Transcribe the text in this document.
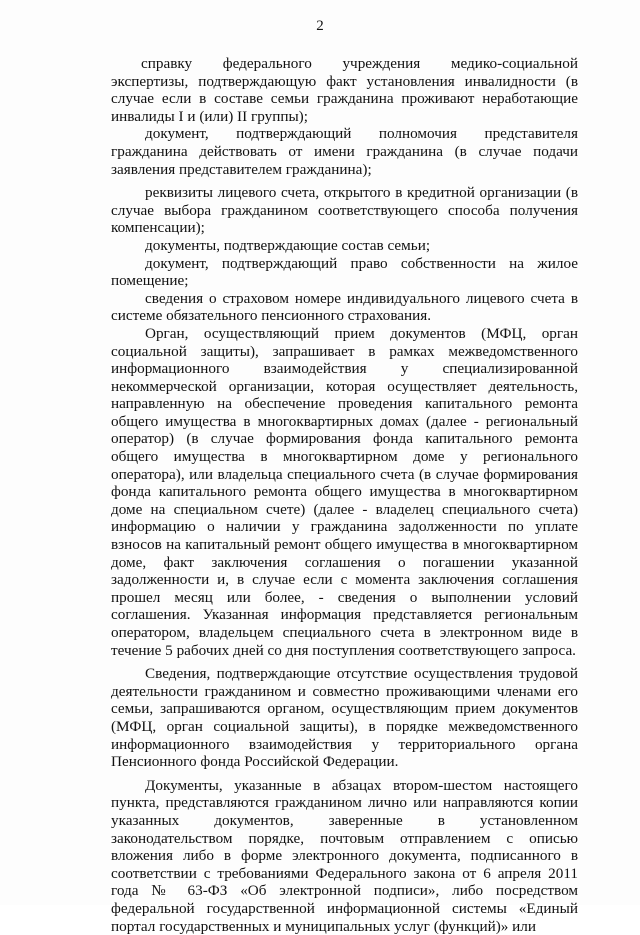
2

справку федерального учреждения медико-социальной экспертизы, подтверждающую факт установления инвалидности (в случае если в составе семьи гражданина проживают неработающие инвалиды I и (или) II группы);

документ, подтверждающий полномочия представителя гражданина действовать от имени гражданина (в случае подачи заявления представителем гражданина);

реквизиты лицевого счета, открытого в кредитной организации (в случае выбора гражданином соответствующего способа получения компенсации);

документы, подтверждающие состав семьи;

документ, подтверждающий право собственности на жилое помещение;

сведения о страховом номере индивидуального лицевого счета в системе обязательного пенсионного страхования.

Орган, осуществляющий прием документов (МФЦ, орган социальной защиты), запрашивает в рамках межведомственного информационного взаимодействия у специализированной некоммерческой организации, которая осуществляет деятельность, направленную на обеспечение проведения капитального ремонта общего имущества в многоквартирных домах (далее - региональный оператор) (в случае формирования фонда капитального ремонта общего имущества в многоквартирном доме у регионального оператора), или владельца специального счета (в случае формирования фонда капитального ремонта общего имущества в многоквартирном доме на специальном счете) (далее - владелец специального счета) информацию о наличии у гражданина задолженности по уплате взносов на капитальный ремонт общего имущества в многоквартирном доме, факт заключения соглашения о погашении указанной задолженности и, в случае если с момента заключения соглашения прошел месяц или более, - сведения о выполнении условий соглашения. Указанная информация представляется региональным оператором, владельцем специального счета в электронном виде в течение 5 рабочих дней со дня поступления соответствующего запроса.

Сведения, подтверждающие отсутствие осуществления трудовой деятельности гражданином и совместно проживающими членами его семьи, запрашиваются органом, осуществляющим прием документов (МФЦ, орган социальной защиты), в порядке межведомственного информационного взаимодействия у территориального органа Пенсионного фонда Российской Федерации.

Документы, указанные в абзацах втором-шестом настоящего пункта, представляются гражданином лично или направляются копии указанных документов, заверенные в установленном законодательством порядке, почтовым отправлением с описью вложения либо в форме электронного документа, подписанного в соответствии с требованиями Федерального закона от 6 апреля 2011 года № 63-ФЗ «Об электронной подписи», либо посредством федеральной государственной информационной системы «Единый портал государственных и муниципальных услуг (функций)» или
